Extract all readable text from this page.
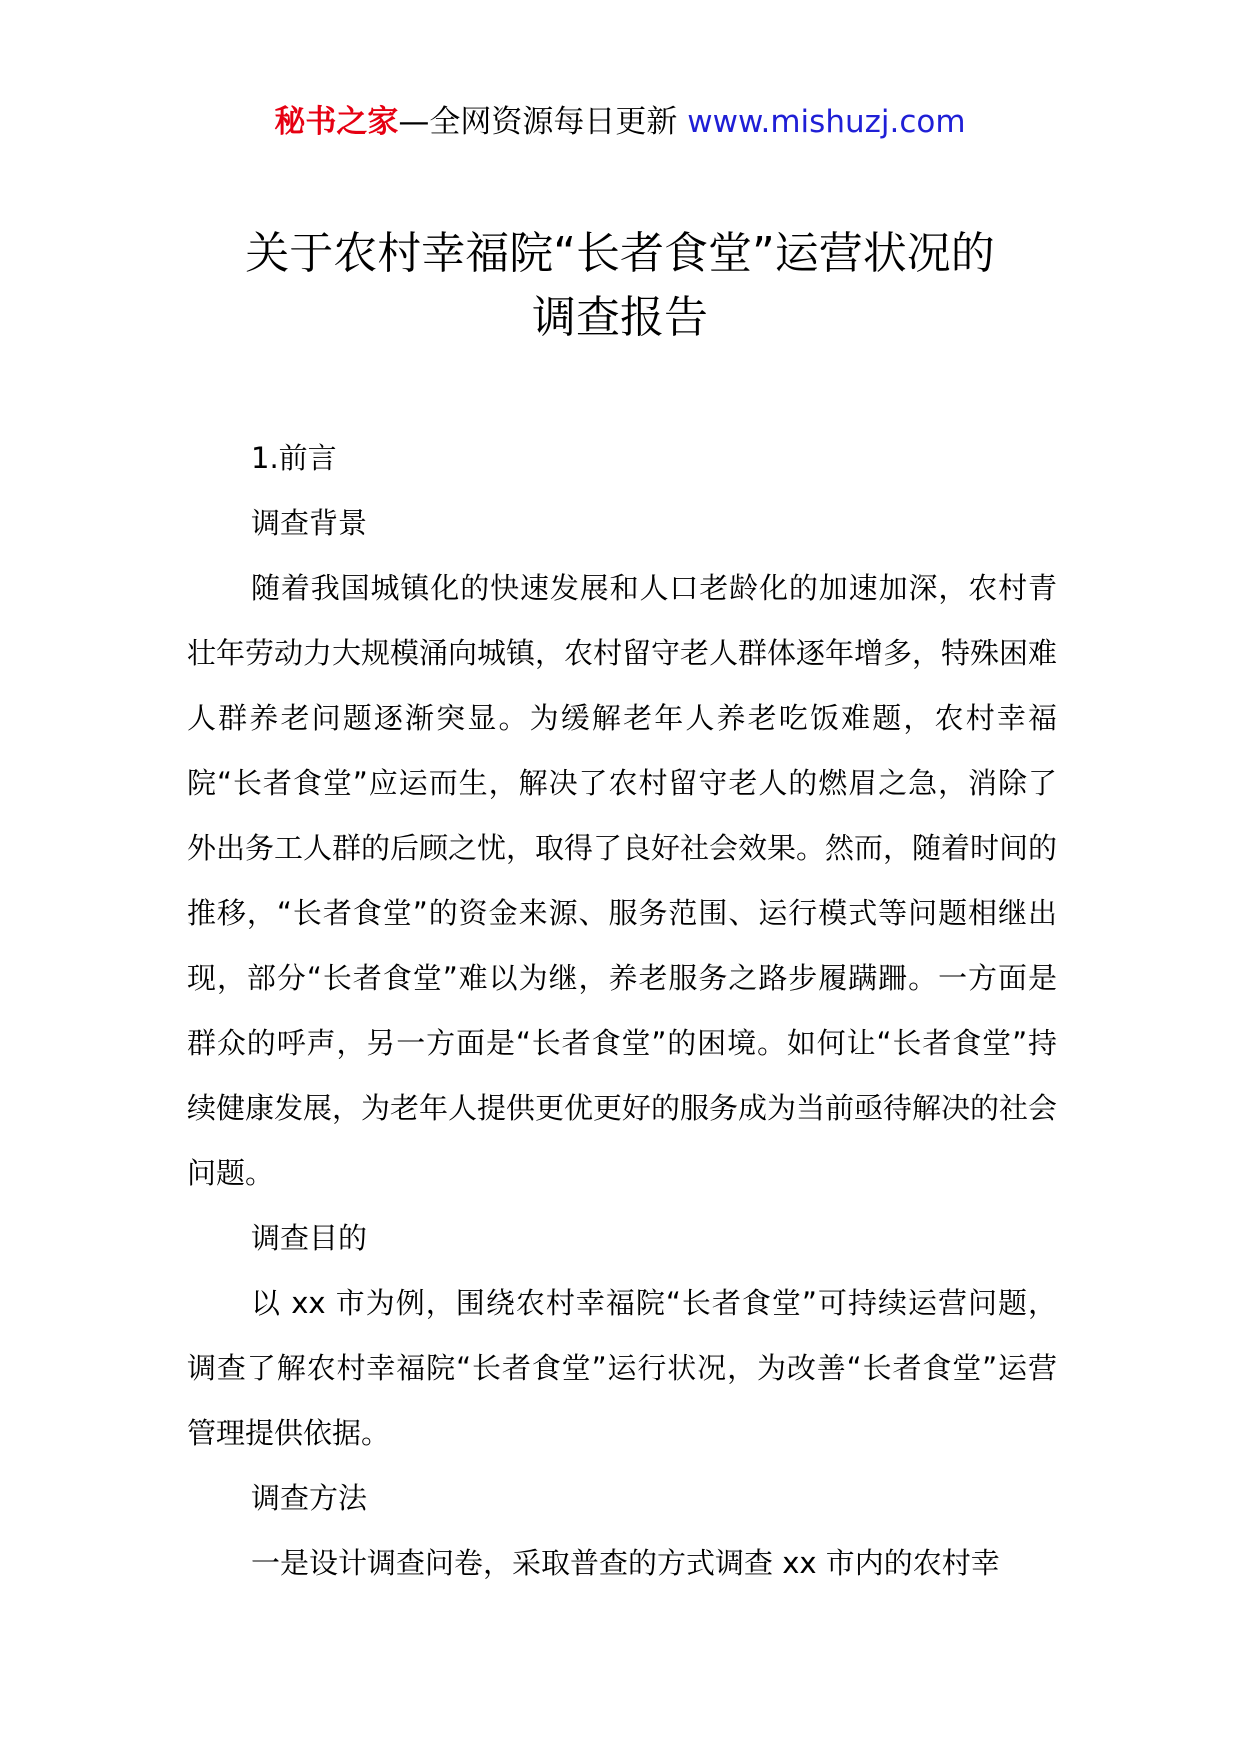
秘书之家—全网资源每日更新 www.mishuzj.com
关于农村幸福院“长者食堂”运营状况的
调查报告

1.前言

调查背景

随着我国城镇化的快速发展和人口老龄化的加速加深，农村青壮年劳动力大规模涌向城镇，农村留守老人群体逐年增多，特殊困难人群养老问题逐渐突显。为缓解老年人养老吃饭难题，农村幸福院“长者食堂”应运而生，解决了农村留守老人的燃眉之急，消除了外出务工人群的后顾之忧，取得了良好社会效果。然而，随着时间的推移，“长者食堂”的资金来源、服务范围、运行模式等问题相继出现，部分“长者食堂”难以为继，养老服务之路步履蹒跚。一方面是群众的呼声，另一方面是“长者食堂”的困境。如何让“长者食堂”持续健康发展，为老年人提供更优更好的服务成为当前亟待解决的社会问题。

调查目的

以 xx 市为例，围绕农村幸福院“长者食堂”可持续运营问题，调查了解农村幸福院“长者食堂”运行状况，为改善“长者食堂”运营管理提供依据。

调查方法

一是设计调查问卷，采取普查的方式调查 xx 市内的农村幸
